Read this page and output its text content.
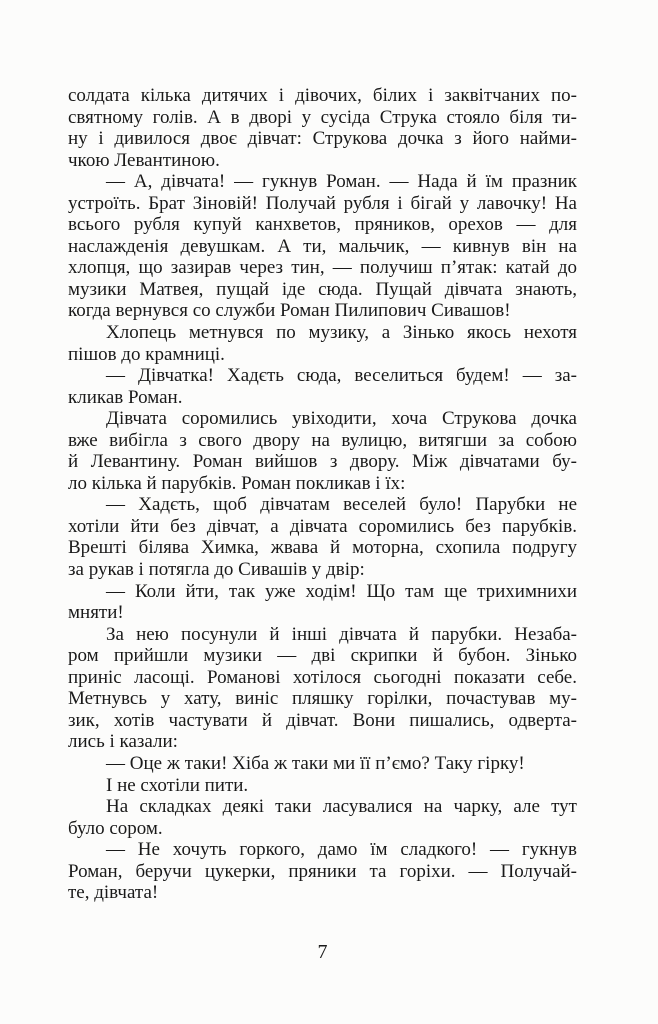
солдата кілька дитячих і дівочих, білих і заквітчаних по-
святному голів. А в дворі у сусіда Струка стояло біля ти-
ну і дивилося двоє дівчат: Струкова дочка з його найми-
чкою Левантиною.
— А, дівчата! — гукнув Роман. — Нада й їм празник
устроїть. Брат Зіновій! Получай рубля і бігай у лавочку! На
всього рубля купуй канхветов, пряников, орехов — для
наслажденія девушкам. А ти, мальчик, — кивнув він на
хлопця, що зазирав через тин, — получиш п’ятак: катай до
музики Матвея, пущай іде сюда. Пущай дівчата знають,
когда вернувся со служби Роман Пилипович Сивашов!
Хлопець метнувся по музику, а Зінько якось нехотя
пішов до крамниці.
— Дівчатка! Хадєть сюда, веселиться будем! — за-
кликав Роман.
Дівчата соромились увіходити, хоча Струкова дочка
вже вибігла з свого двору на вулицю, витягши за собою
й Левантину. Роман вийшов з двору. Між дівчатами бу-
ло кілька й парубків. Роман покликав і їх:
— Хадєть, щоб дівчатам веселей було! Парубки не
хотіли йти без дівчат, а дівчата соромились без парубків.
Врешті білява Химка, жвава й моторна, схопила подругу
за рукав і потягла до Сивашів у двір:
— Коли йти, так уже ходім! Що там ще трихимнихи
мняти!
За нею посунули й інші дівчата й парубки. Незаба-
ром прийшли музики — дві скрипки й бубон. Зінько
приніс ласощі. Романові хотілося сьогодні показати себе.
Метнувсь у хату, виніс пляшку горілки, почастував му-
зик, хотів частувати й дівчат. Вони пишались, одверта-
лись і казали:
— Оце ж таки! Хіба ж таки ми її п’ємо? Таку гірку!
І не схотіли пити.
На складках деякі таки ласувалися на чарку, але тут
було сором.
— Не хочуть горкого, дамо їм сладкого! — гукнув
Роман, беручи цукерки, пряники та горіхи. — Получай-
те, дівчата!
7
